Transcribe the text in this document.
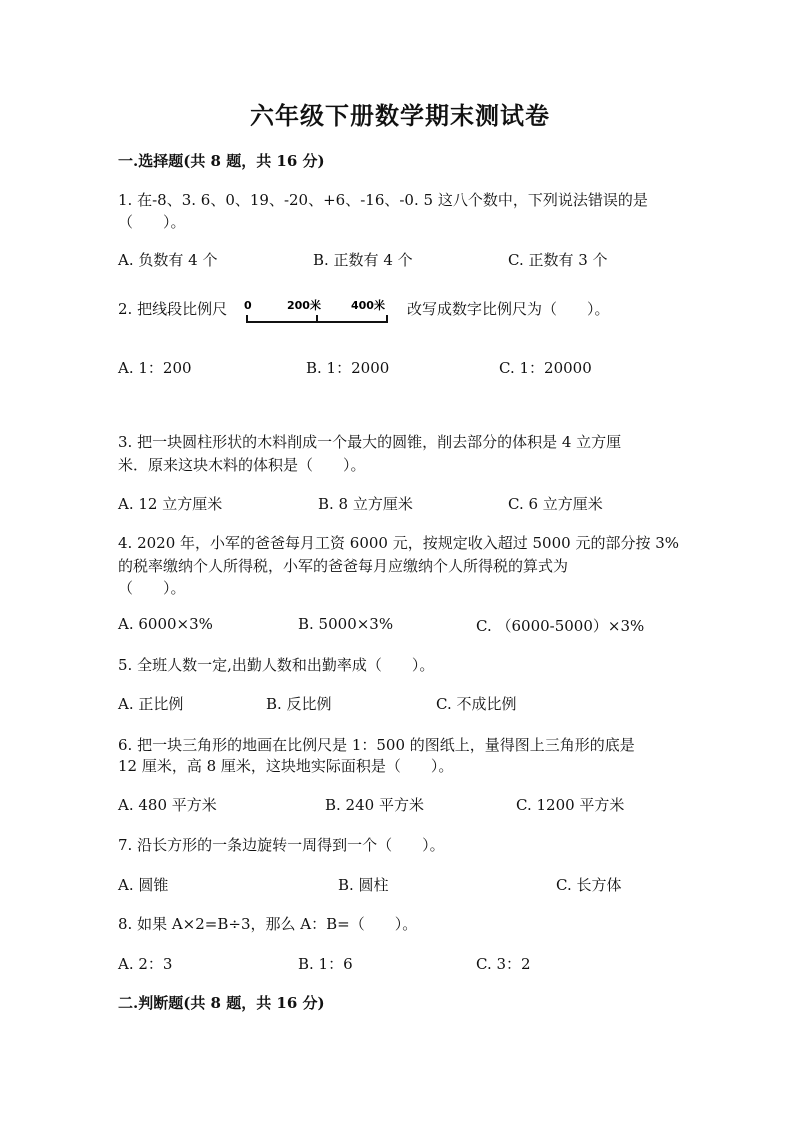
六年级下册数学期末测试卷
一.选择题(共 8 题，共 16 分)
1. 在-8、3. 6、0、19、-20、+6、-16、-0. 5 这八个数中，下列说法错误的是
（　　）。
A. 负数有 4 个	B. 正数有 4 个	C. 正数有 3 个
2. 把线段比例尺 0	200米	400米 改写成数字比例尺为（　　）。
A. 1：200	B. 1：2000	C. 1：20000
3. 把一块圆柱形状的木料削成一个最大的圆锥，削去部分的体积是 4 立方厘
米．原来这块木料的体积是（　　）。
A. 12 立方厘米	B. 8 立方厘米	C. 6 立方厘米
4. 2020 年，小军的爸爸每月工资 6000 元，按规定收入超过 5000 元的部分按 3%
的税率缴纳个人所得税，小军的爸爸每月应缴纳个人所得税的算式为
（　　）。
A. 6000×3%	B. 5000×3%	C. （6000-5000）×3%
5. 全班人数一定,出勤人数和出勤率成（　　）。
A. 正比例	B. 反比例	C. 不成比例
6. 把一块三角形的地画在比例尺是 1：500 的图纸上，量得图上三角形的底是
12 厘米，高 8 厘米，这块地实际面积是（　　）。
A. 480 平方米	B. 240 平方米	C. 1200 平方米
7. 沿长方形的一条边旋转一周得到一个（　　）。
A. 圆锥	B. 圆柱	C. 长方体
8. 如果 A×2=B÷3，那么 A：B=（　　）。
A. 2：3	B. 1：6	C. 3：2
二.判断题(共 8 题，共 16 分)
